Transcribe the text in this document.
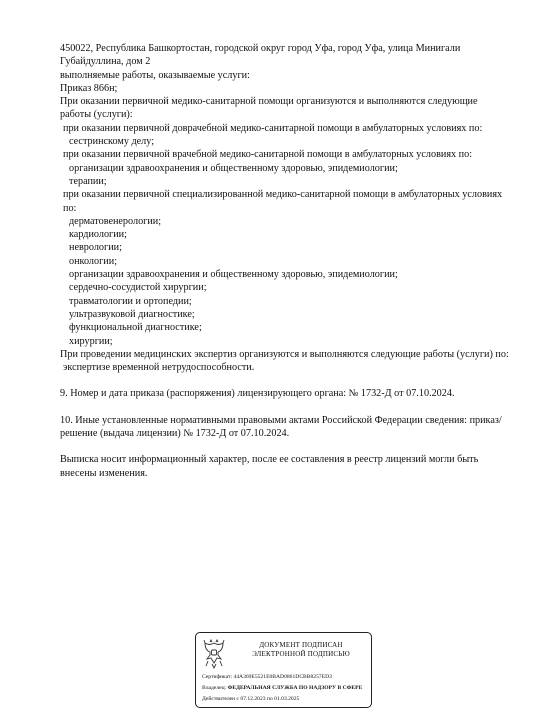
450022, Республика Башкортостан, городской округ город Уфа, город Уфа, улица Минигали Губайдуллина, дом 2

выполняемые работы, оказываемые услуги:

Приказ 866н;

При оказании первичной медико-санитарной помощи организуются и выполняются следующие работы (услуги):

при оказании первичной доврачебной медико-санитарной помощи в амбулаторных условиях по:

сестринскому делу;

при оказании первичной врачебной медико-санитарной помощи в амбулаторных условиях по:

организации здравоохранения и общественному здоровью, эпидемиологии;

терапии;

при оказании первичной специализированной медико-санитарной помощи в амбулаторных условиях по:

дерматовенерологии;

кардиологии;

неврологии;

онкологии;

организации здравоохранения и общественному здоровью, эпидемиологии;

сердечно-сосудистой хирургии;

травматологии и ортопедии;

ультразвуковой диагностике;

функциональной диагностике;

хирургии;

При проведении медицинских экспертиз организуются и выполняются следующие работы (услуги) по:

экспертизе временной нетрудоспособности.

9. Номер и дата приказа (распоряжения) лицензирующего органа: № 1732-Д от 07.10.2024.

10. Иные установленные нормативными правовыми актами Российской Федерации сведения: приказ/решение (выдача лицензии) № 1732-Д от 07.10.2024.

Выписка носит информационный характер, после ее составления в реестр лицензий могли быть внесены изменения.

ДОКУМЕНТ ПОДПИСАН
ЭЛЕКТРОННОЙ ПОДПИСЬЮ
Сертификат: 44A369E5521E0BAD0861DCBB8257ED3
Владелец: ФЕДЕРАЛЬНАЯ СЛУЖБА ПО НАДЗОРУ В СФЕРЕ
Действителен с 07.12.2023 по 01.03.2025
